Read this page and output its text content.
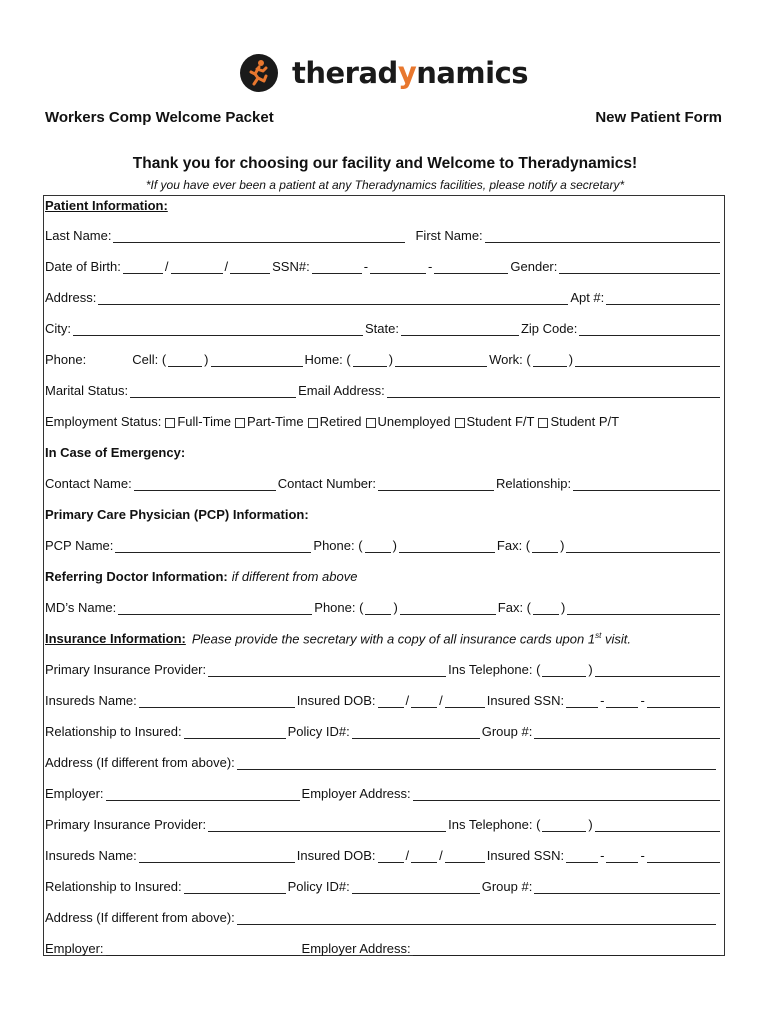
theradynamics
Workers Comp Welcome Packet	New Patient Form
Thank you for choosing our facility and Welcome to Theradynamics!
*If you have ever been a patient at any Theradynamics facilities, please notify a secretary*
Patient Information:
Last Name:	First Name:
Date of Birth:	/	/	SSN#:	-	-	Gender:
Address:	Apt #:
City:	State:	Zip Code:
Phone:	Cell: (	)	Home: (	)	Work: (	)
Marital Status:	Email Address:
Employment Status: Full-Time Part-Time Retired Unemployed Student F/T Student P/T
In Case of Emergency:
Contact Name:	Contact Number:	Relationship:
Primary Care Physician (PCP) Information:
PCP Name:	Phone: ( )	Fax: ( )
Referring Doctor Information: if different from above
MD’s Name:	Phone: ( )	Fax: ( )
Insurance Information: Please provide the secretary with a copy of all insurance cards upon 1st visit.
Primary Insurance Provider:	Ins Telephone: (	)
Insureds Name:	Insured DOB: / /	Insured SSN:	-	-
Relationship to Insured:	Policy ID#:	Group #:
Address (If different from above):
Employer:	Employer Address:
Primary Insurance Provider:	Ins Telephone: (	)
Insureds Name:	Insured DOB: / /	Insured SSN:	-	-
Relationship to Insured:	Policy ID#:	Group #:
Address (If different from above):
Employer:	Employer Address:
